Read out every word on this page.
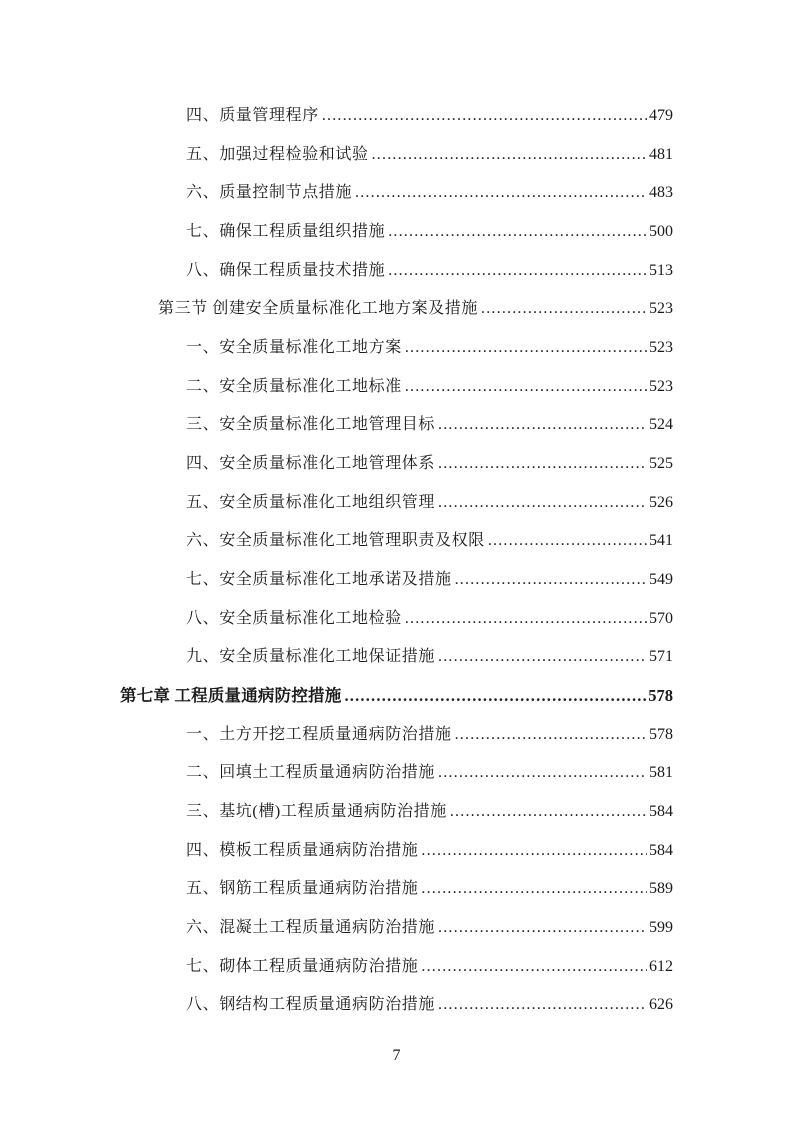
四、质量管理程序 .....	479
五、加强过程检验和试验 .....	481
六、质量控制节点措施 .....	483
七、确保工程质量组织措施 .....	500
八、确保工程质量技术措施 .....	513
第三节 创建安全质量标准化工地方案及措施 .....	523
一、安全质量标准化工地方案 .....	523
二、安全质量标准化工地标准 .....	523
三、安全质量标准化工地管理目标 .....	524
四、安全质量标准化工地管理体系 .....	525
五、安全质量标准化工地组织管理 .....	526
六、安全质量标准化工地管理职责及权限 .....	541
七、安全质量标准化工地承诺及措施 .....	549
八、安全质量标准化工地检验 .....	570
九、安全质量标准化工地保证措施 .....	571
第七章 工程质量通病防控措施 .....	578
一、土方开挖工程质量通病防治措施 .....	578
二、回填土工程质量通病防治措施 .....	581
三、基坑(槽)工程质量通病防治措施 .....	584
四、模板工程质量通病防治措施 .....	584
五、钢筋工程质量通病防治措施 .....	589
六、混凝土工程质量通病防治措施 .....	599
七、砌体工程质量通病防治措施 .....	612
八、钢结构工程质量通病防治措施 .....	626
7
